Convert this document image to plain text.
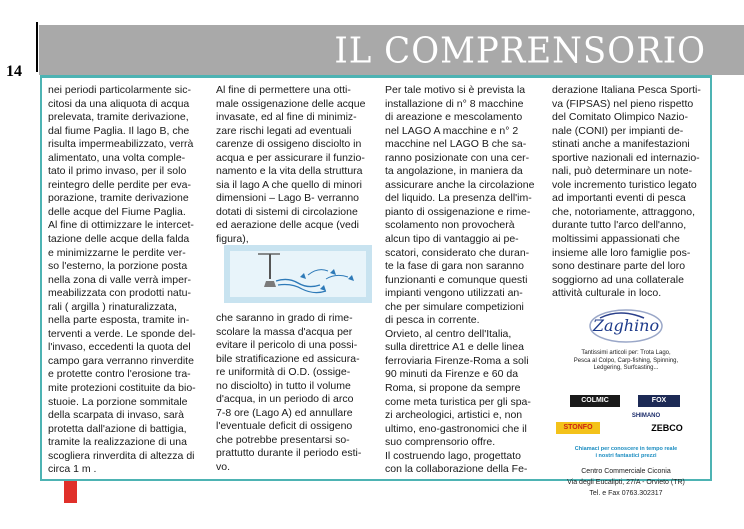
14	IL COMPRENSORIO
nei periodi particolarmente sic-
citosi da una aliquota di acqua
prelevata, tramite derivazione,
dal fiume Paglia. Il lago B, che
risulta impermeabilizzato, verrà
alimentato, una volta comple-
tato il primo invaso, per il solo
reintegro delle perdite per eva-
porazione, tramite derivazione
delle acque del Fiume Paglia.
Al fine di ottimizzare le intercet-
tazione delle acque della falda
e minimizzarne le perdite ver-
so l'esterno, la porzione posta
nella zona di valle verrà imper-
meabilizzata con prodotti natu-
rali ( argilla ) rinaturalizzata,
nella parte esposta, tramite in-
terventi a verde. Le sponde del-
l'invaso, eccedenti la quota del
campo gara verranno rinverdite
e protette contro l'erosione tra-
mite protezioni costituite da bio-
stuoie. La porzione sommitale
della scarpata di invaso, sarà
protetta dall'azione di battigia,
tramite la realizzazione di una
scogliera rinverdita di altezza di
circa 1 m .
Al fine di permettere una otti-
male ossigenazione delle acque
invasate, ed al fine di minimiz-
zare rischi legati ad eventuali
carenze di ossigeno disciolto in
acqua e per assicurare il funzio-
namento e la vita della struttura
sia il lago A che quello di minori
dimensioni – Lago B- verranno
dotati di sistemi di circolazione
ed aerazione delle acque (vedi
figura),
che saranno in grado di rime-
scolare la massa d'acqua per
evitare il pericolo di una possi-
bile stratificazione ed assicura-
re uniformità di O.D. (ossige-
no disciolto) in tutto il volume
d'acqua, in un periodo di arco
7-8 ore (Lago A) ed annullare
l'eventuale deficit di ossigeno
che potrebbe presentarsi so-
prattutto durante il periodo esti-
vo.
Per tale motivo si è prevista la
installazione di n° 8 macchine
di areazione e mescolamento
nel LAGO A macchine e n° 2
macchine nel LAGO B che sa-
ranno posizionate con una cer-
ta angolazione, in maniera da
assicurare anche la circolazione
del liquido. La presenza dell'im-
pianto di ossigenazione e rime-
scolamento non provocherà
alcun tipo di vantaggio ai pe-
scatori, considerato che duran-
te la fase di gara non saranno
funzionanti e comunque questi
impianti vengono utilizzati an-
che per simulare competizioni
di pesca in corrente.
Orvieto, al centro dell'Italia,
sulla direttrice A1 e delle linea
ferroviaria Firenze-Roma a soli
90 minuti da Firenze e 60 da
Roma, si propone da sempre
come meta turistica per gli spa-
zi archeologici, artistici e, non
ultimo, eno-gastronomici che il
suo comprensorio offre.
Il costruendo lago, progettato
con la collaborazione della Fe-
derazione Italiana Pesca Sporti-
va (FIPSAS) nel pieno rispetto
del Comitato Olimpico Nazio-
nale (CONI) per impianti de-
stinati anche a manifestazioni
sportive nazionali ed internazio-
nali, può determinare un note-
vole incremento turistico legato
ad importanti eventi di pesca
che, notoriamente, attraggono,
durante tutto l'arco dell'anno,
moltissimi appassionati che
insieme alle loro famiglie pos-
sono destinare parte del loro
soggiorno ad una collaterale
attività culturale in loco.
Zaghino
Tantissimi articoli per: Trota Lago,
Pesca al Colpo, Carp-fishing, Spinning,
Ledgering, Surfcasting...
COLMIC	FOX
SHIMANO
STONFO	ZEBCO
Chiamaci per conoscere in tempo reale
i nostri fantastici prezzi
Centro Commerciale Ciconia
Via degli Eucalipti, 27/A - Orvieto (TR)
Tel. e Fax 0763.302317
